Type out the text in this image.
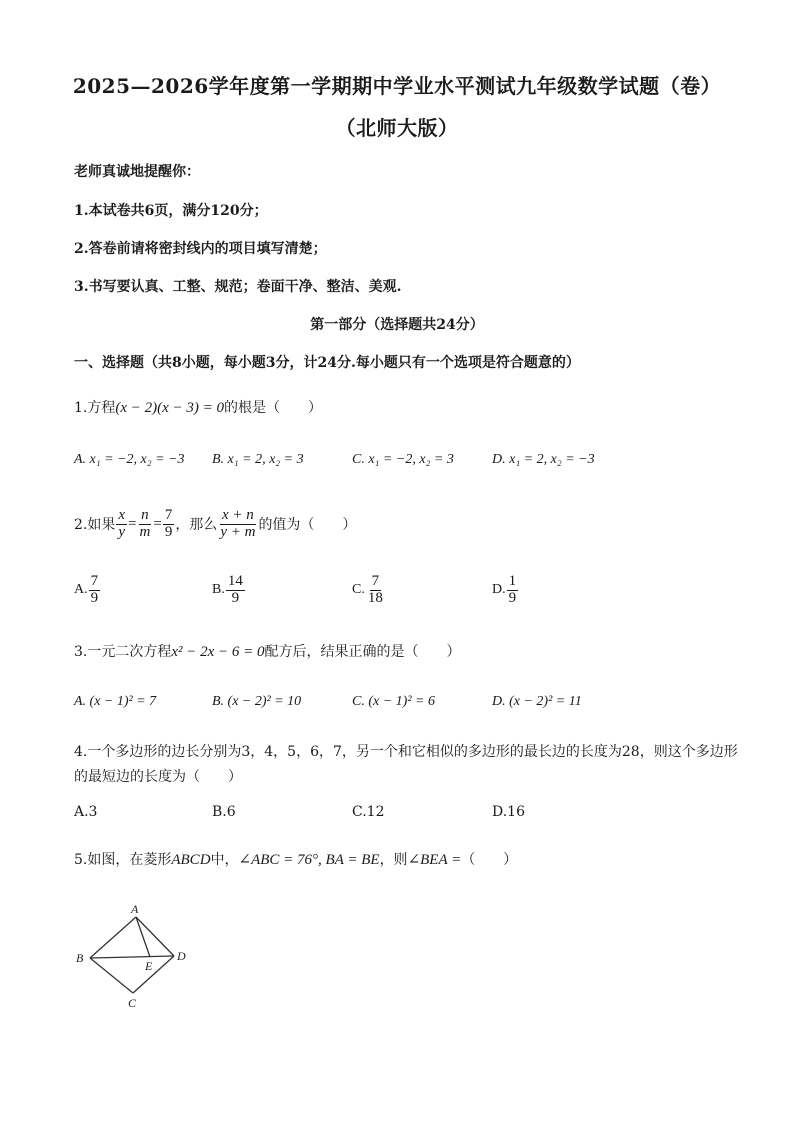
2025—2026学年度第一学期期中学业水平测试九年级数学试题（卷）
（北师大版）
老师真诚地提醒你：
1.本试卷共6页，满分120分；
2.答卷前请将密封线内的项目填写清楚；
3.书写要认真、工整、规范；卷面干净、整洁、美观.
第一部分（选择题共24分）
一、选择题（共8小题，每小题3分，计24分.每小题只有一个选项是符合题意的）
1.方程(x − 2)(x − 3) = 0的根是（　　）
A. x₁ = −2, x₂ = −3 B. x₁ = 2, x₂ = 3	C. x₁ = −2, x₂ = 3	D. x₁ = 2, x₂ = −3
2.如果 $\frac{x}{y} = \frac{n}{m} = \frac{7}{9}$ ，那么 $\frac{x + n}{y + m}$ 的值为（　　）
A. $\frac{7}{9}$	B. $\frac{14}{9}$	C. $\frac{7}{18}$	D. $\frac{1}{9}$
3.一元二次方程x² − 2x − 6 = 0配方后，结果正确的是（　　）
A. (x − 1)² = 7	B. (x − 2)² = 10	C. (x − 1)² = 6	D. (x − 2)² = 11
4.一个多边形的边长分别为3，4，5，6，7，另一个和它相似的多边形的最长边的长度为28，则这个多边形
的最短边的长度为（　　）
A.3	B.6	C.12	D.16
5.如图，在菱形ABCD中，∠ABC = 76°, BA = BE，则∠BEA =（　　）
A
B
C
D
E
